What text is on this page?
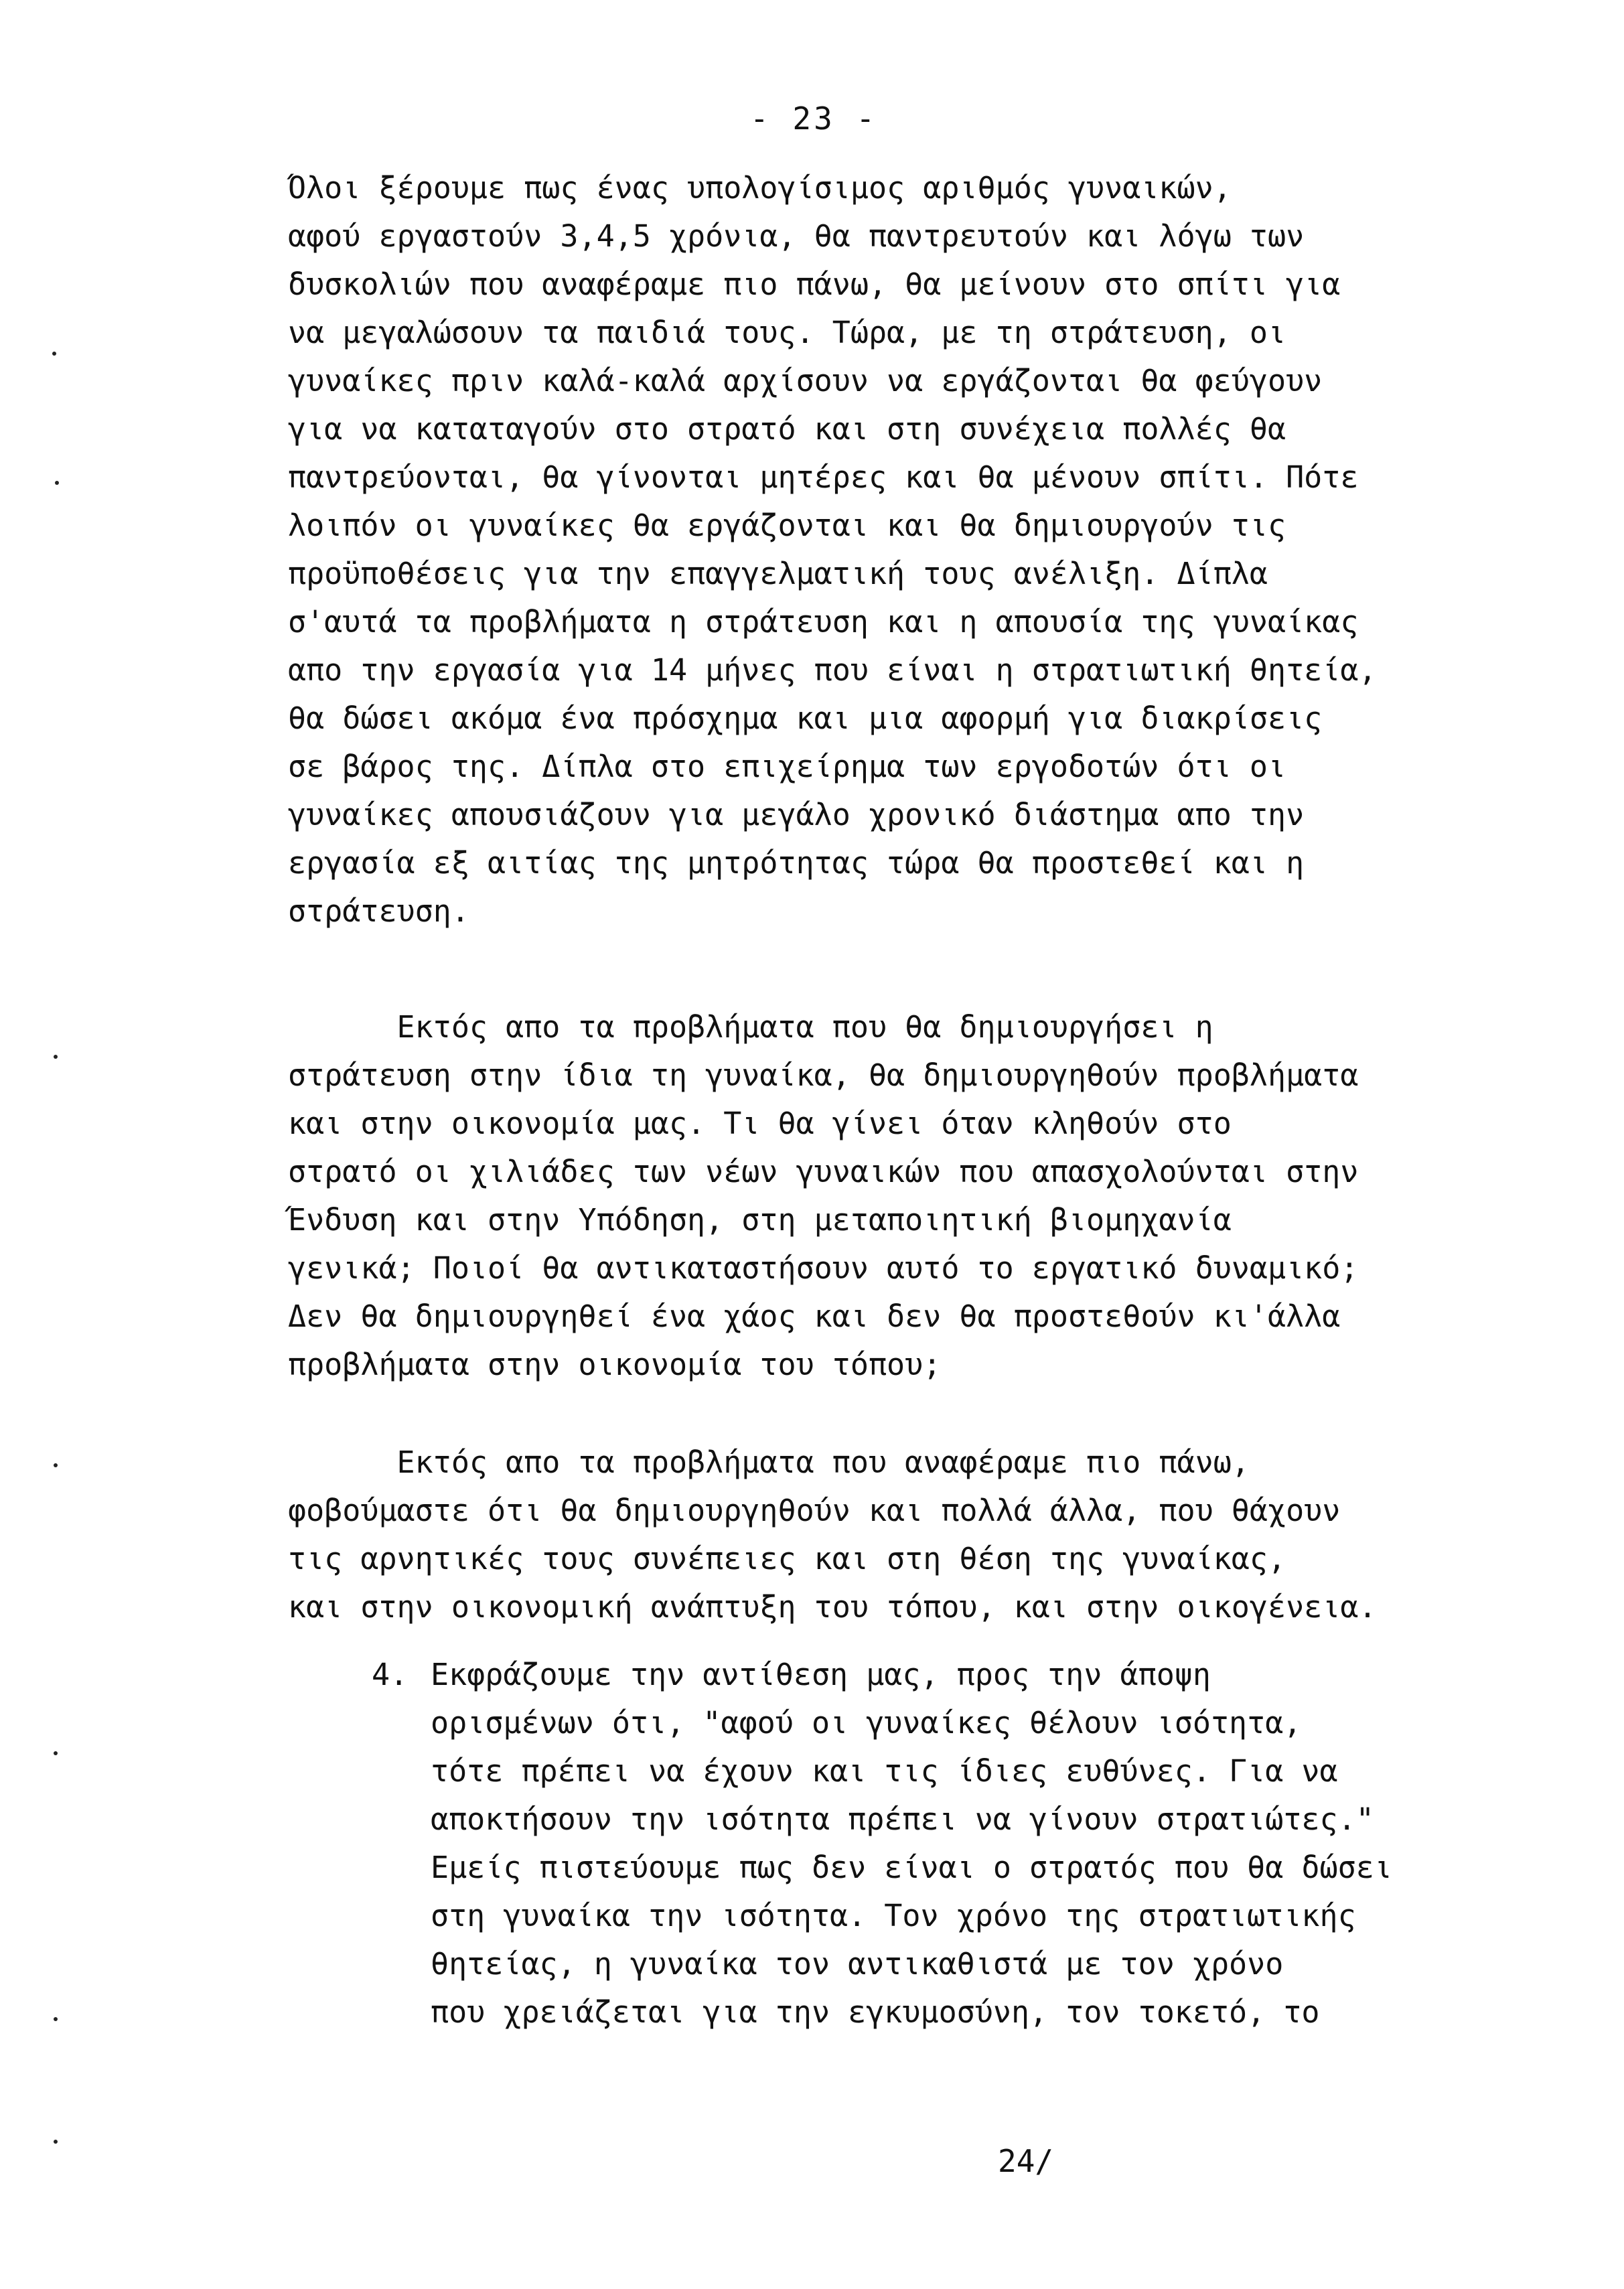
- 23 -
Όλοι ξέρουμε πως ένας υπολογίσιμος αριθμός γυναικών,
αφού εργαστούν 3,4,5 χρόνια, θα παντρευτούν και λόγω των
δυσκολιών που αναφέραμε πιο πάνω, θα μείνουν στο σπίτι για
να μεγαλώσουν τα παιδιά τους. Τώρα, με τη στράτευση, οι
γυναίκες πριν καλά-καλά αρχίσουν να εργάζονται θα φεύγουν
για να καταταγούν στο στρατό και στη συνέχεια πολλές θα
παντρεύονται, θα γίνονται μητέρες και θα μένουν σπίτι. Πότε
λοιπόν οι γυναίκες θα εργάζονται και θα δημιουργούν τις
προϋποθέσεις για την επαγγελματική τους ανέλιξη. Δίπλα
σ'αυτά τα προβλήματα η στράτευση και η απουσία της γυναίκας
απο την εργασία για 14 μήνες που είναι η στρατιωτική θητεία,
θα δώσει ακόμα ένα πρόσχημα και μια αφορμή για διακρίσεις
σε βάρος της. Δίπλα στο επιχείρημα των εργοδοτών ότι οι
γυναίκες απουσιάζουν για μεγάλο χρονικό διάστημα απο την
εργασία εξ αιτίας της μητρότητας τώρα θα προστεθεί και η
στράτευση.
Εκτός απο τα προβλήματα που θα δημιουργήσει η
στράτευση στην ίδια τη γυναίκα, θα δημιουργηθούν προβλήματα
και στην οικονομία μας. Τι θα γίνει όταν κληθούν στο
στρατό οι χιλιάδες των νέων γυναικών που απασχολούνται στην
Ένδυση και στην Υπόδηση, στη μεταποιητική βιομηχανία
γενικά; Ποιοί θα αντικαταστήσουν αυτό το εργατικό δυναμικό;
Δεν θα δημιουργηθεί ένα χάος και δεν θα προστεθούν κι'άλλα
προβλήματα στην οικονομία του τόπου;
Εκτός απο τα προβλήματα που αναφέραμε πιο πάνω,
φοβούμαστε ότι θα δημιουργηθούν και πολλά άλλα, που θάχουν
τις αρνητικές τους συνέπειες και στη θέση της γυναίκας,
και στην οικονομική ανάπτυξη του τόπου, και στην οικογένεια.
4. Εκφράζουμε την αντίθεση μας, προς την άποψη
ορισμένων ότι, "αφού οι γυναίκες θέλουν ισότητα,
τότε πρέπει να έχουν και τις ίδιες ευθύνες. Για να
αποκτήσουν την ισότητα πρέπει να γίνουν στρατιώτες."
Εμείς πιστεύουμε πως δεν είναι ο στρατός που θα δώσει
στη γυναίκα την ισότητα. Τον χρόνο της στρατιωτικής
θητείας, η γυναίκα τον αντικαθιστά με τον χρόνο
που χρειάζεται για την εγκυμοσύνη, τον τοκετό, το
24/
